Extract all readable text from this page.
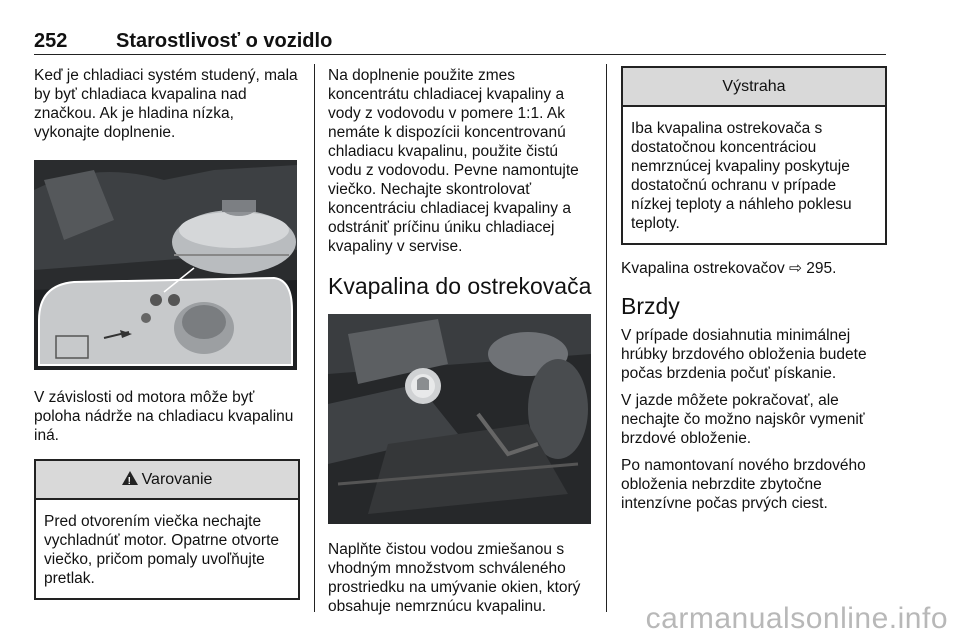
252 Starostlivosť o vozidlo

Keď je chladiaci systém studený, mala by byť chladiaca kvapalina nad značkou. Ak je hladina nízka, vykonajte doplnenie.

V závislosti od motora môže byť poloha nádrže na chladiacu kvapalinu iná.

!Varovanie
Pred otvorením viečka nechajte vychladnúť motor. Opatrne otvorte viečko, pričom pomaly uvoľňujte pretlak.

Na doplnenie použite zmes koncentrátu chladiacej kvapaliny a vody z vodovodu v pomere 1:1. Ak nemáte k dispozícii koncentrovanú chladiacu kvapalinu, použite čistú vodu z vodovodu. Pevne namontujte viečko. Nechajte skontrolovať koncentráciu chladiacej kvapaliny a odstrániť príčinu úniku chladiacej kvapaliny v servise.

Kvapalina do ostrekovača

Naplňte čistou vodou zmiešanou s vhodným množstvom schváleného prostriedku na umývanie okien, ktorý obsahuje nemrznúcu kvapalinu.

Výstraha
Iba kvapalina ostrekovača s dostatočnou koncentráciou nemrznúcej kvapaliny poskytuje dostatočnú ochranu v prípade nízkej teploty a náhleho poklesu teploty.

Kvapalina ostrekovačov ⇨ 295.

Brzdy

V prípade dosiahnutia minimálnej hrúbky brzdového obloženia budete počas brzdenia počuť pískanie.

V jazde môžete pokračovať, ale nechajte čo možno najskôr vymeniť brzdové obloženie.

Po namontovaní nového brzdového obloženia nebrzdite zbytočne intenzívne počas prvých ciest.

carmanualsonline.info
